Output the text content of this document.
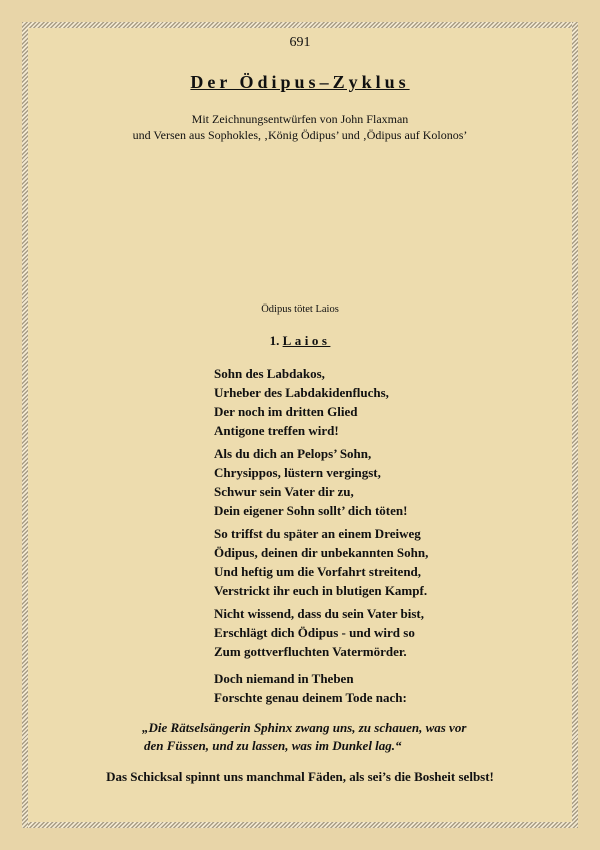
691
Der Ödipus–Zyklus
Mit Zeichnungsentwürfen von John Flaxman
und Versen aus Sophokles, ‚König Ödipus’ und ‚Ödipus auf Kolonos’
Ödipus tötet Laios
1. Laios
Sohn des Labdakos,
Urheber des Labdakidenfluchs,
Der noch im dritten Glied
Antigone treffen wird!
Als du dich an Pelops’ Sohn,
Chrysippos, lüstern vergingst,
Schwur sein Vater dir zu,
Dein eigener Sohn sollt’ dich töten!
So triffst du später an einem Dreiweg
Ödipus, deinen dir unbekannten Sohn,
Und heftig um die Vorfahrt streitend,
Verstrickt ihr euch in blutigen Kampf.
Nicht wissend, dass du sein Vater bist,
Erschlägt dich Ödipus - und wird so
Zum gottverfluchten Vatermörder.
Doch niemand in Theben
Forschte genau deinem Tode nach:
„Die Rätselsängerin Sphinx zwang uns, zu schauen, was vor
den Füssen, und zu lassen, was im Dunkel lag.“
Das Schicksal spinnt uns manchmal Fäden, als sei’s die Bosheit selbst!
